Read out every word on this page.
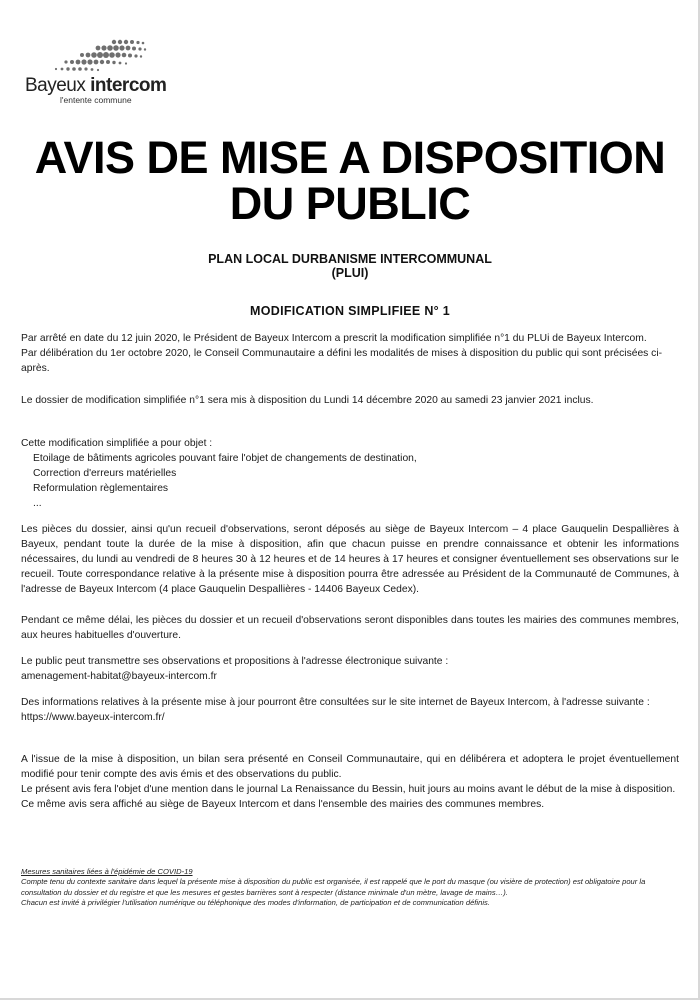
Bayeux intercom
l'entente commune
AVIS DE MISE A DISPOSITION
DU PUBLIC
PLAN LOCAL DURBANISME INTERCOMMUNAL
(PLUI)
MODIFICATION SIMPLIFIEE N° 1

Par arrêté en date du 12 juin 2020, le Président de Bayeux Intercom a prescrit la modification simplifiée n°1 du PLUi de Bayeux Intercom.

Par délibération du 1er octobre 2020, le Conseil Communautaire a défini les modalités de mises à disposition du public qui sont précisées ci-après.

Le dossier de modification simplifiée n°1 sera mis à disposition du Lundi 14 décembre 2020 au samedi 23 janvier 2021 inclus.

Cette modification simplifiée a pour objet :

Etoilage de bâtiments agricoles pouvant faire l'objet de changements de destination,
Correction d'erreurs matérielles
Reformulation règlementaires
...

Les pièces du dossier, ainsi qu'un recueil d'observations, seront déposés au siège de Bayeux Intercom – 4 place Gauquelin Despallières à Bayeux, pendant toute la durée de la mise à disposition, afin que chacun puisse en prendre connaissance et obtenir les informations nécessaires, du lundi au vendredi de 8 heures 30 à 12 heures et de 14 heures à 17 heures et consigner éventuellement ses observations sur le recueil. Toute correspondance relative à la présente mise à disposition pourra être adressée au Président de la Communauté de Communes, à l'adresse de Bayeux Intercom (4 place Gauquelin Despallières - 14406 Bayeux Cedex).

Pendant ce même délai, les pièces du dossier et un recueil d'observations seront disponibles dans toutes les mairies des communes membres, aux heures habituelles d'ouverture.

Le public peut transmettre ses observations et propositions à l'adresse électronique suivante :

amenagement-habitat@bayeux-intercom.fr

Des informations relatives à la présente mise à jour pourront être consultées sur le site internet de Bayeux Intercom, à l'adresse suivante :

https://www.bayeux-intercom.fr/

A l'issue de la mise à disposition, un bilan sera présenté en Conseil Communautaire, qui en délibérera et adoptera le projet éventuellement modifié pour tenir compte des avis émis et des observations du public.

Le présent avis fera l'objet d'une mention dans le journal La Renaissance du Bessin, huit jours au moins avant le début de la mise à disposition.

Ce même avis sera affiché au siège de Bayeux Intercom et dans l'ensemble des mairies des communes membres.

Mesures sanitaires liées à l'épidémie de COVID-19
Compte tenu du contexte sanitaire dans lequel la présente mise à disposition du public est organisée, il est rappelé que le port du masque (ou visière de protection) est obligatoire pour la consultation du dossier et du registre et que les mesures et gestes barrières sont à respecter (distance minimale d'un mètre, lavage de mains…).
Chacun est invité à privilégier l'utilisation numérique ou téléphonique des modes d'information, de participation et de communication définis.
